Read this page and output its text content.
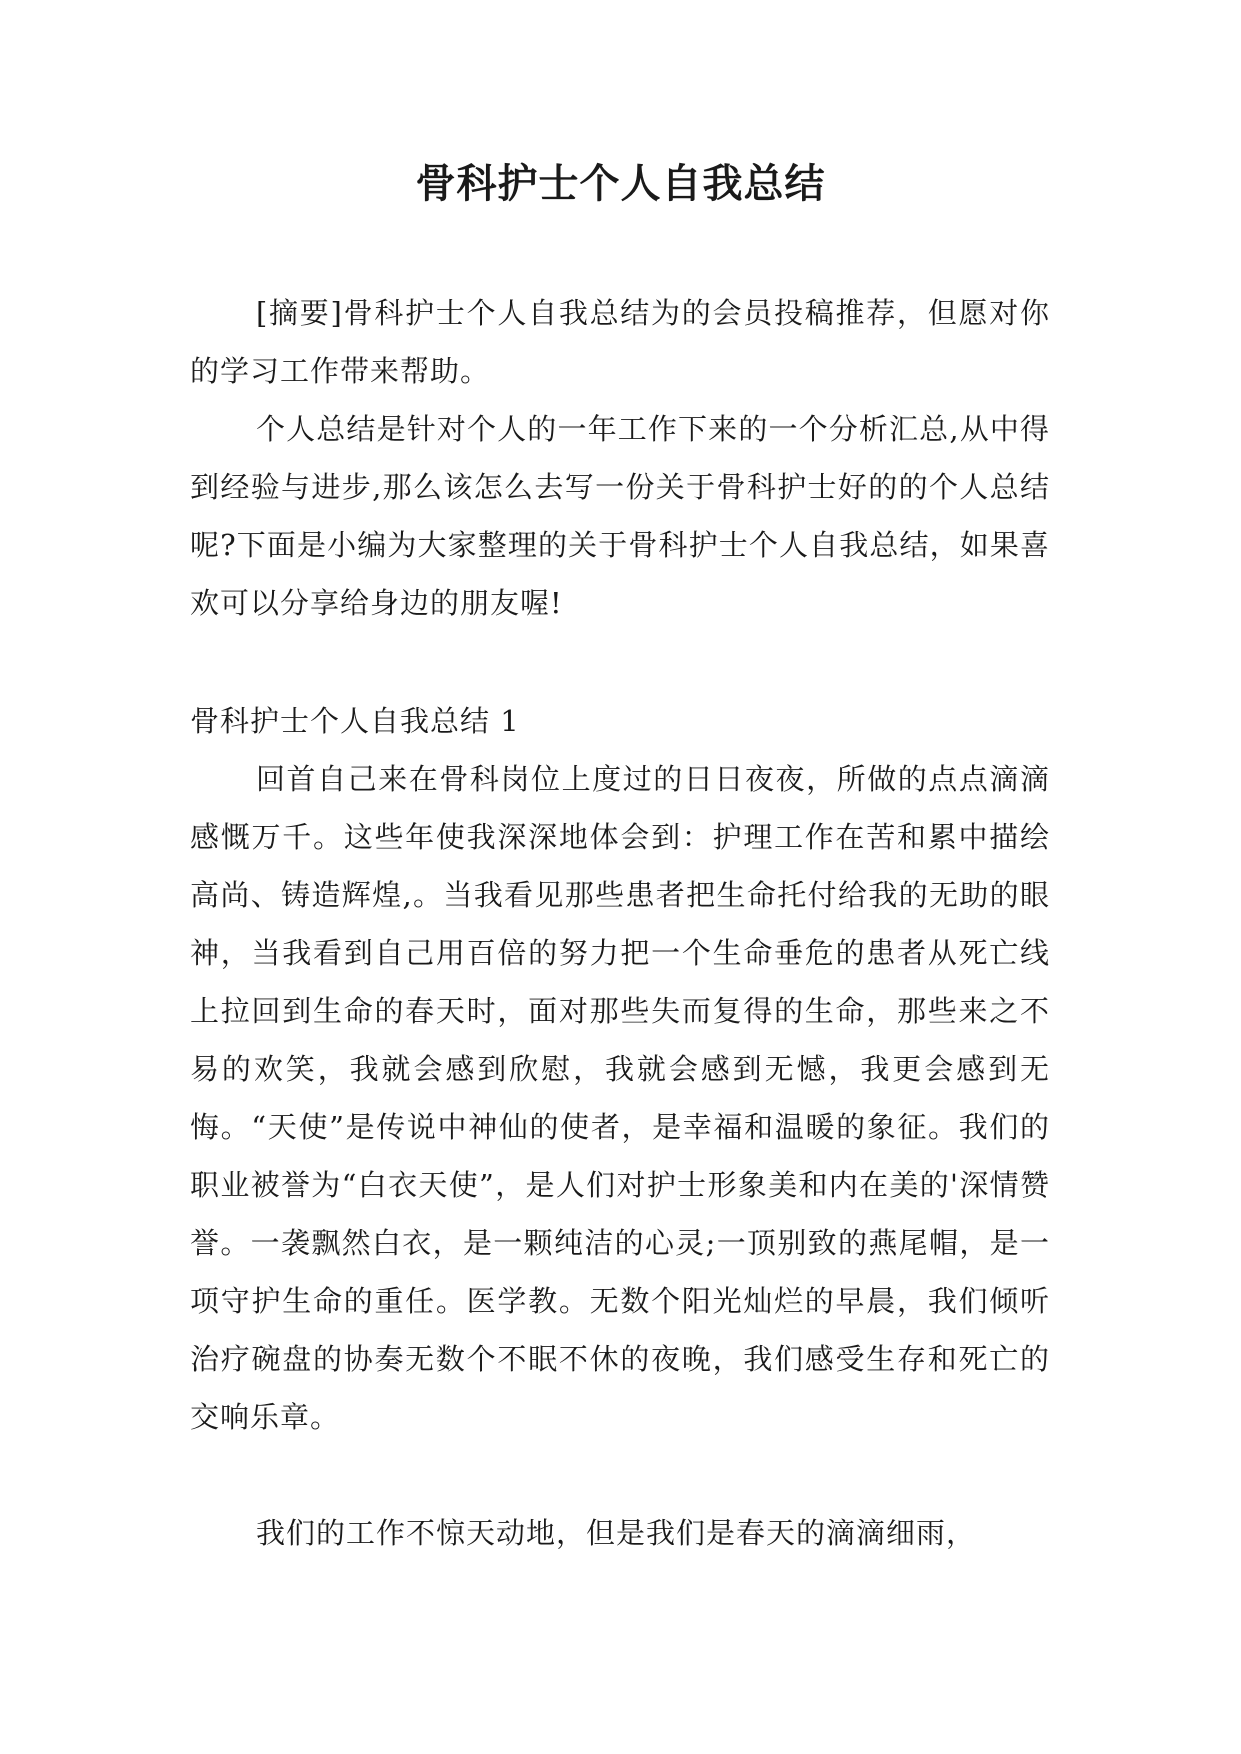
骨科护士个人自我总结

[摘要]骨科护士个人自我总结为的会员投稿推荐，但愿对你的学习工作带来帮助。

个人总结是针对个人的一年工作下来的一个分析汇总,从中得到经验与进步,那么该怎么去写一份关于骨科护士好的的个人总结呢?下面是小编为大家整理的关于骨科护士个人自我总结，如果喜欢可以分享给身边的朋友喔!

骨科护士个人自我总结 1

回首自己来在骨科岗位上度过的日日夜夜，所做的点点滴滴感慨万千。这些年使我深深地体会到：护理工作在苦和累中描绘高尚、铸造辉煌,。当我看见那些患者把生命托付给我的无助的眼神，当我看到自己用百倍的努力把一个生命垂危的患者从死亡线上拉回到生命的春天时，面对那些失而复得的生命，那些来之不易的欢笑，我就会感到欣慰，我就会感到无憾，我更会感到无悔。“天使”是传说中神仙的使者，是幸福和温暖的象征。我们的职业被誉为“白衣天使”，是人们对护士形象美和内在美的'深情赞誉。一袭飘然白衣，是一颗纯洁的心灵;一顶别致的燕尾帽，是一项守护生命的重任。医学教。无数个阳光灿烂的早晨，我们倾听治疗碗盘的协奏无数个不眠不休的夜晚，我们感受生存和死亡的交响乐章。

我们的工作不惊天动地，但是我们是春天的滴滴细雨，
